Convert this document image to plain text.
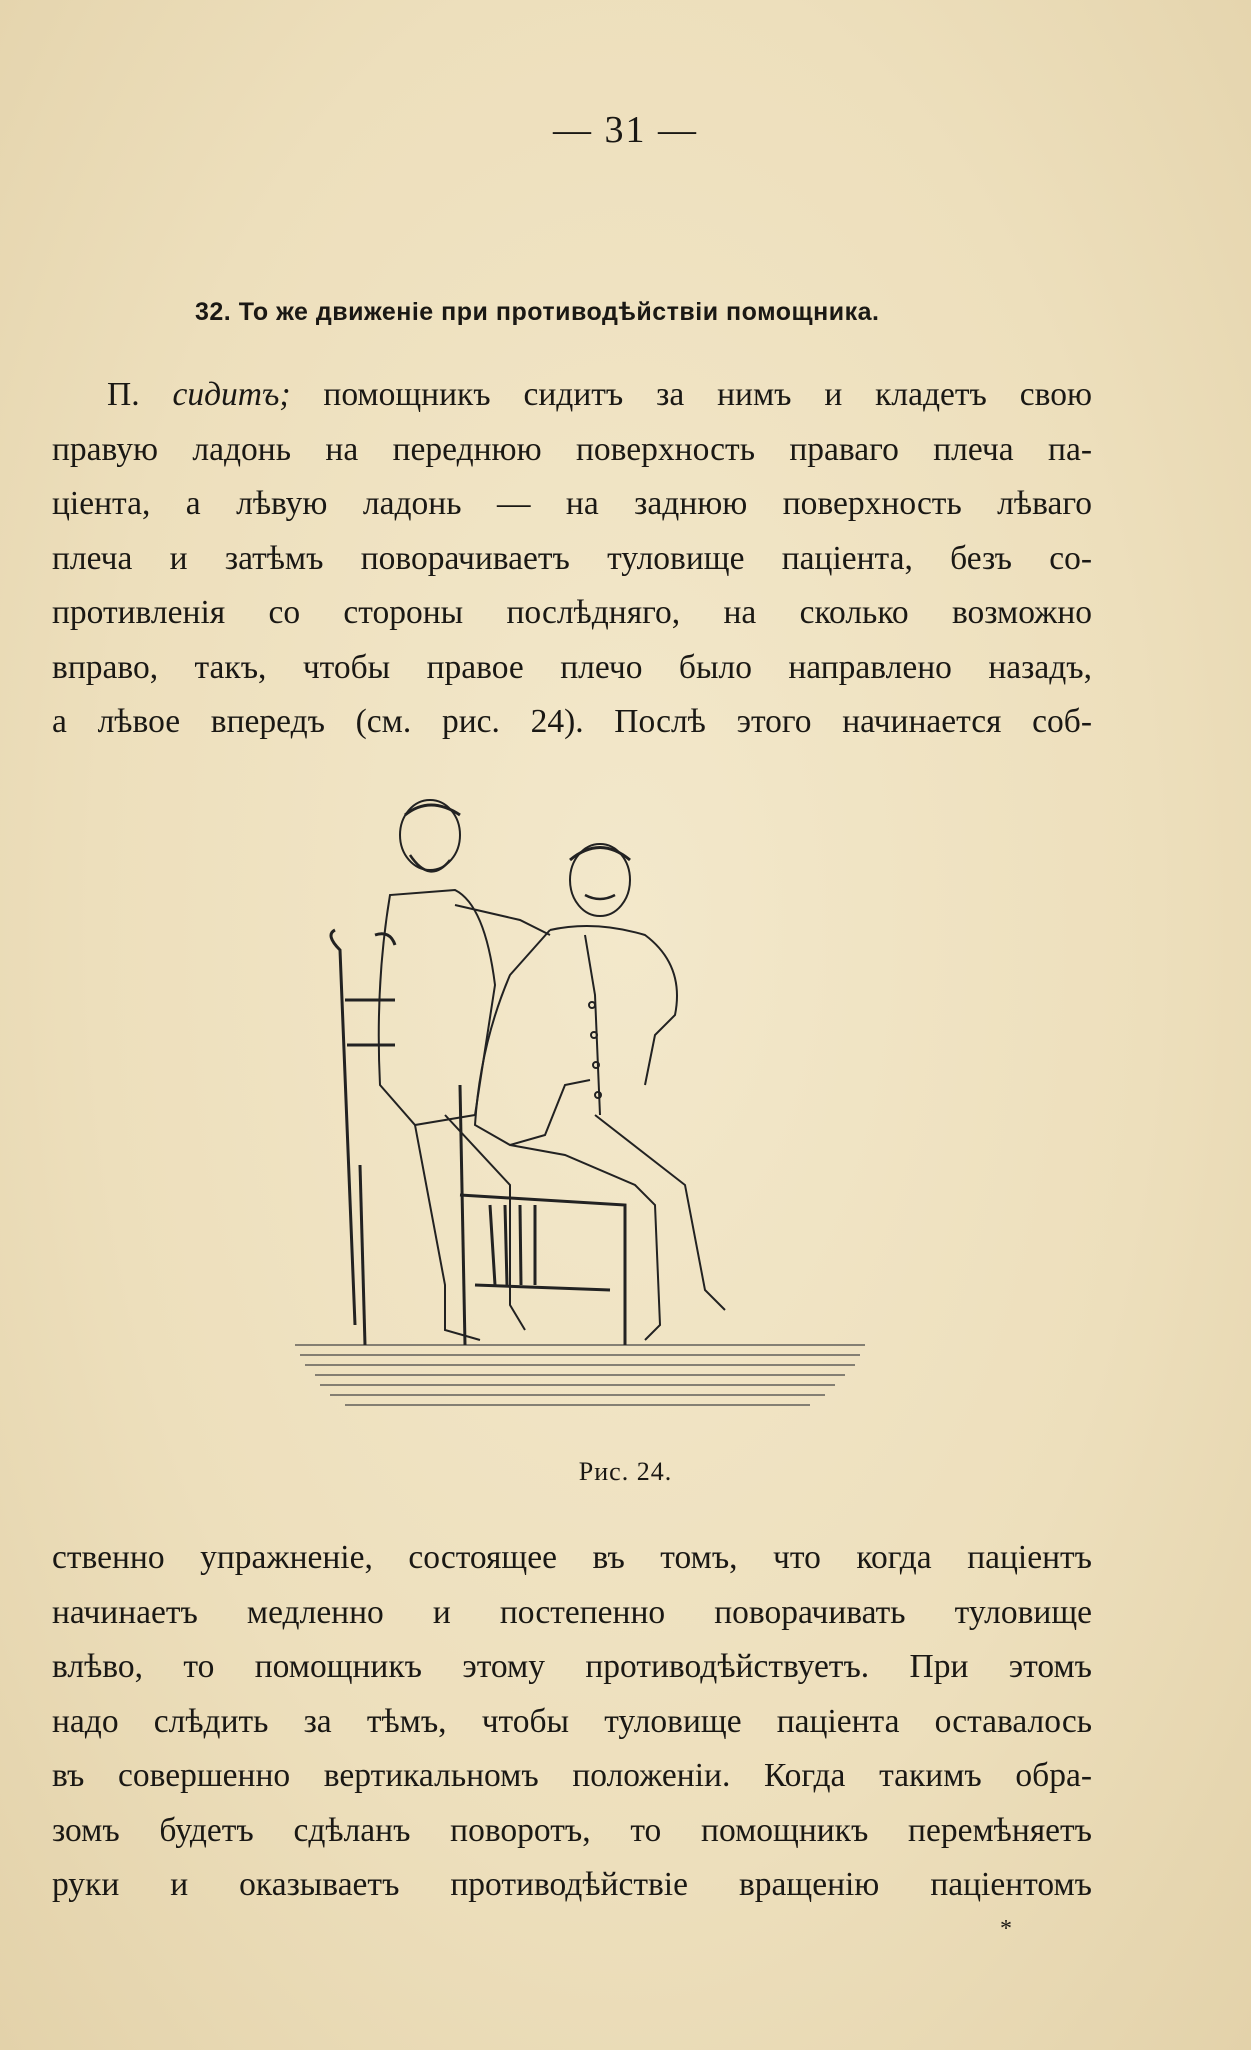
— 31 —
32. То же движеніе при противодѣйствіи помощника.
П. сидитъ; помощникъ сидитъ за нимъ и кладетъ свою
правую ладонь на переднюю поверхность праваго плеча па-
ціента, а лѣвую ладонь — на заднюю поверхность лѣваго
плеча и затѣмъ поворачиваетъ туловище паціента, безъ со-
противленія со стороны послѣдняго, на сколько возможно
вправо, такъ, чтобы правое плечо было направлено назадъ,
а лѣвое впередъ (см. рис. 24). Послѣ этого начинается соб-
Рис. 24.
ственно упражненіе, состоящее въ томъ, что когда паціентъ
начинаетъ медленно и постепенно поворачивать туловище
влѣво, то помощникъ этому противодѣйствуетъ. При этомъ
надо слѣдить за тѣмъ, чтобы туловище паціента оставалось
въ совершенно вертикальномъ положеніи. Когда такимъ обра-
зомъ будетъ сдѣланъ поворотъ, то помощникъ перемѣняетъ
руки и оказываетъ противодѣйствіе вращенію паціентомъ
*
